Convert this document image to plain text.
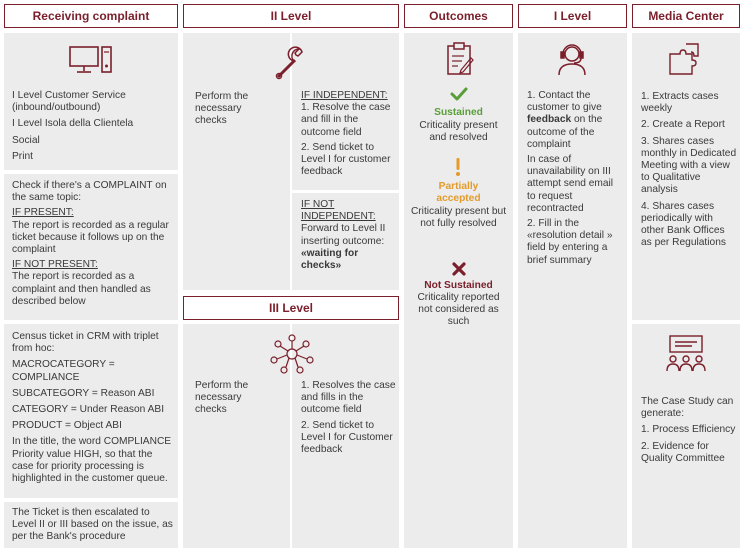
Receiving complaint	II Level	Outcomes	I Level	Media Center

I Level Customer Service (inbound/outbound)

I Level Isola della Clientela

Social

Print

Check if there's a COMPLAINT on the same topic:

IF PRESENT:

The report is recorded as a regular ticket because it follows up on the complaint

IF NOT PRESENT:

The report is recorded as a complaint and then handled as described below

Census ticket in CRM with triplet from hoc:

MACROCATEGORY = COMPLIANCE

SUBCATEGORY = Reason ABI

CATEGORY = Under Reason ABI

PRODUCT = Object ABI

In the title, the word COMPLIANCE Priority value HIGH, so that the case for priority processing is highlighted in the customer queue.

The Ticket is then escalated to Level II or III based on the issue, as per the Bank's procedure

Perform the necessary checks

IF INDEPENDENT:

1. Resolve the case and fill in the outcome field

2. Send ticket to Level I for customer feedback

IF NOT INDEPENDENT:

Forward to Level II inserting outcome:

«waiting for checks»

III Level

Perform the necessary checks

1. Resolves the case and fills in the outcome field

2. Send ticket to Level I for Customer feedback

Sustained
Criticality present and resolved
Partially accepted
Criticality present but not fully resolved
Not Sustained
Criticality reported not considered as such

1. Contact the customer to give feedback on the outcome of the complaint

In case of unavailability on III attempt send email to request recontracted

2. Fill in the «resolution detail » field by entering a brief summary

1. Extracts cases weekly

2. Create a Report

3. Shares cases monthly in Dedicated Meeting with a view to Qualitative analysis

4. Shares cases periodically with other Bank Offices as per Regulations

The Case Study can generate:

1. Process Efficiency

2. Evidence for Quality Committee
